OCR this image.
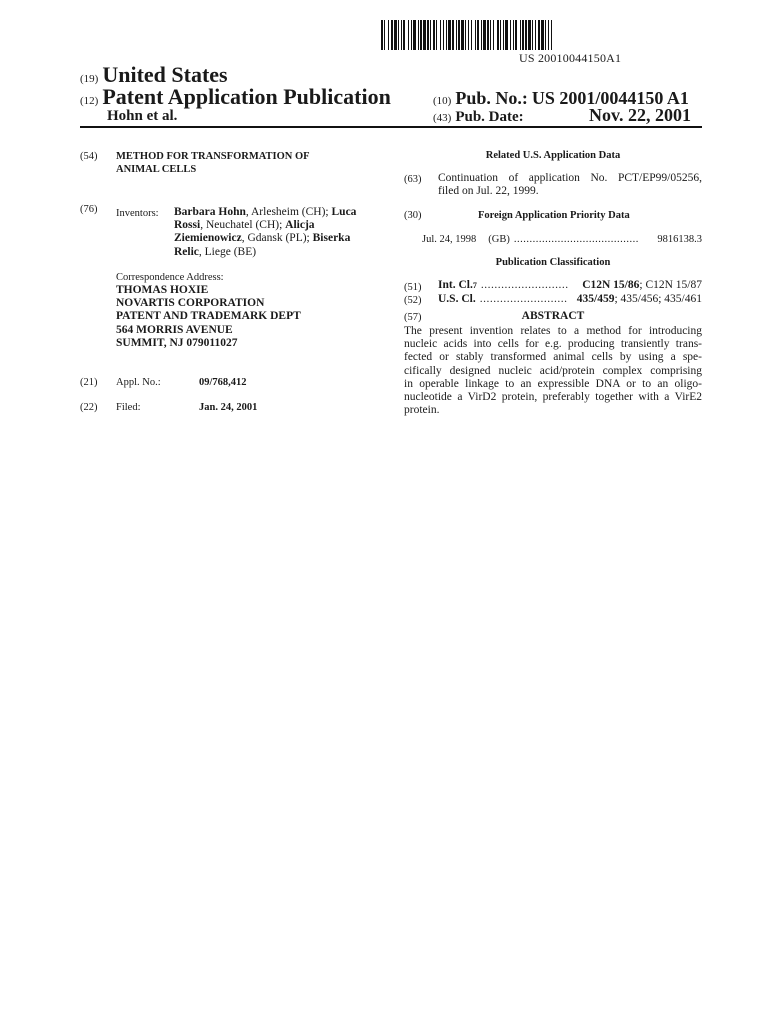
US 20010044150A1
(19) United States
(12) Patent Application Publication	(10) Pub. No.: US 2001/0044150 A1
Hohn et al.	(43) Pub. Date:	Nov. 22, 2001
(54) METHOD FOR TRANSFORMATION OF
ANIMAL CELLS
(76) Inventors: Barbara Hohn, Arlesheim (CH); Luca
Rossi, Neuchatel (CH); Alicja
Ziemienowicz, Gdansk (PL); Biserka
Relic, Liege (BE)
Correspondence Address:
THOMAS HOXIE
NOVARTIS CORPORATION
PATENT AND TRADEMARK DEPT
564 MORRIS AVENUE
SUMMIT, NJ 079011027
(21) Appl. No.:	09/768,412
(22) Filed:	Jan. 24, 2001
Related U.S. Application Data
(63) Continuation of application No. PCT/EP99/05256,
filed on Jul. 22, 1999.
(30)	Foreign Application Priority Data
Jul. 24, 1998 (GB) ........................................	9816138.3
Publication Classification
(51) Int. Cl. 7 ..........................	C12N 15/86 ; C12N 15/87
(52) U.S. Cl. .......................... 435/459 ; 435/456; 435/461
(57)	ABSTRACT
The present invention relates to a method for introducing
nucleic acids into cells for e.g. producing transiently trans-
fected or stably transformed animal cells by using a spe-
cifically designed nucleic acid/protein complex comprising
in operable linkage to an expressible DNA or to an oligo-
nucleotide a VirD2 protein, preferably together with a VirE2
protein.
